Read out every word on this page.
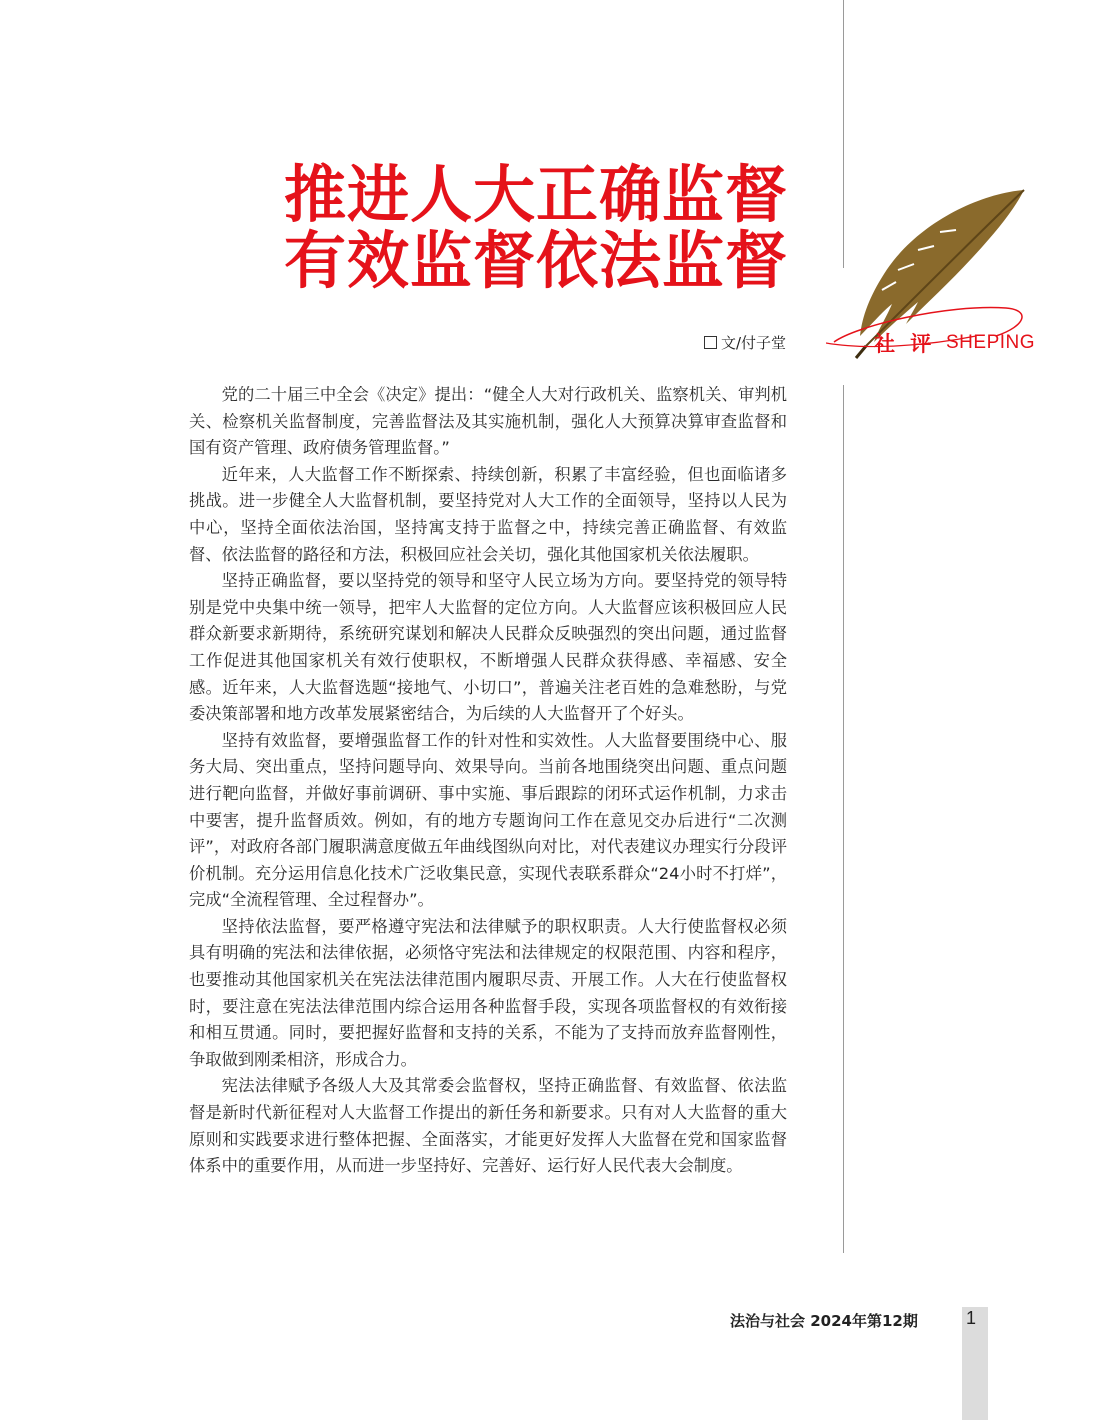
推进人大正确监督
有效监督依法监督
文/付子堂	社 评 SHEPING

党的二十届三中全会《决定》提出：“健全人大对行政机关、监察机关、审判机关、检察机关监督制度，完善监督法及其实施机制，强化人大预算决算审查监督和国有资产管理、政府债务管理监督。”

近年来，人大监督工作不断探索、持续创新，积累了丰富经验，但也面临诸多挑战。进一步健全人大监督机制，要坚持党对人大工作的全面领导，坚持以人民为中心，坚持全面依法治国，坚持寓支持于监督之中，持续完善正确监督、有效监督、依法监督的路径和方法，积极回应社会关切，强化其他国家机关依法履职。

坚持正确监督，要以坚持党的领导和坚守人民立场为方向。要坚持党的领导特别是党中央集中统一领导，把牢人大监督的定位方向。人大监督应该积极回应人民群众新要求新期待，系统研究谋划和解决人民群众反映强烈的突出问题，通过监督工作促进其他国家机关有效行使职权，不断增强人民群众获得感、幸福感、安全感。近年来，人大监督选题“接地气、小切口”，普遍关注老百姓的急难愁盼，与党委决策部署和地方改革发展紧密结合，为后续的人大监督开了个好头。

坚持有效监督，要增强监督工作的针对性和实效性。人大监督要围绕中心、服务大局、突出重点，坚持问题导向、效果导向。当前各地围绕突出问题、重点问题进行靶向监督，并做好事前调研、事中实施、事后跟踪的闭环式运作机制，力求击中要害，提升监督质效。例如，有的地方专题询问工作在意见交办后进行“二次测评”，对政府各部门履职满意度做五年曲线图纵向对比，对代表建议办理实行分段评价机制。充分运用信息化技术广泛收集民意，实现代表联系群众“24小时不打烊”，完成“全流程管理、全过程督办”。

坚持依法监督，要严格遵守宪法和法律赋予的职权职责。人大行使监督权必须具有明确的宪法和法律依据，必须恪守宪法和法律规定的权限范围、内容和程序，也要推动其他国家机关在宪法法律范围内履职尽责、开展工作。人大在行使监督权时，要注意在宪法法律范围内综合运用各种监督手段，实现各项监督权的有效衔接和相互贯通。同时，要把握好监督和支持的关系，不能为了支持而放弃监督刚性，争取做到刚柔相济，形成合力。

宪法法律赋予各级人大及其常委会监督权，坚持正确监督、有效监督、依法监督是新时代新征程对人大监督工作提出的新任务和新要求。只有对人大监督的重大原则和实践要求进行整体把握、全面落实，才能更好发挥人大监督在党和国家监督体系中的重要作用，从而进一步坚持好、完善好、运行好人民代表大会制度。

法治与社会 2024年第12期	1
